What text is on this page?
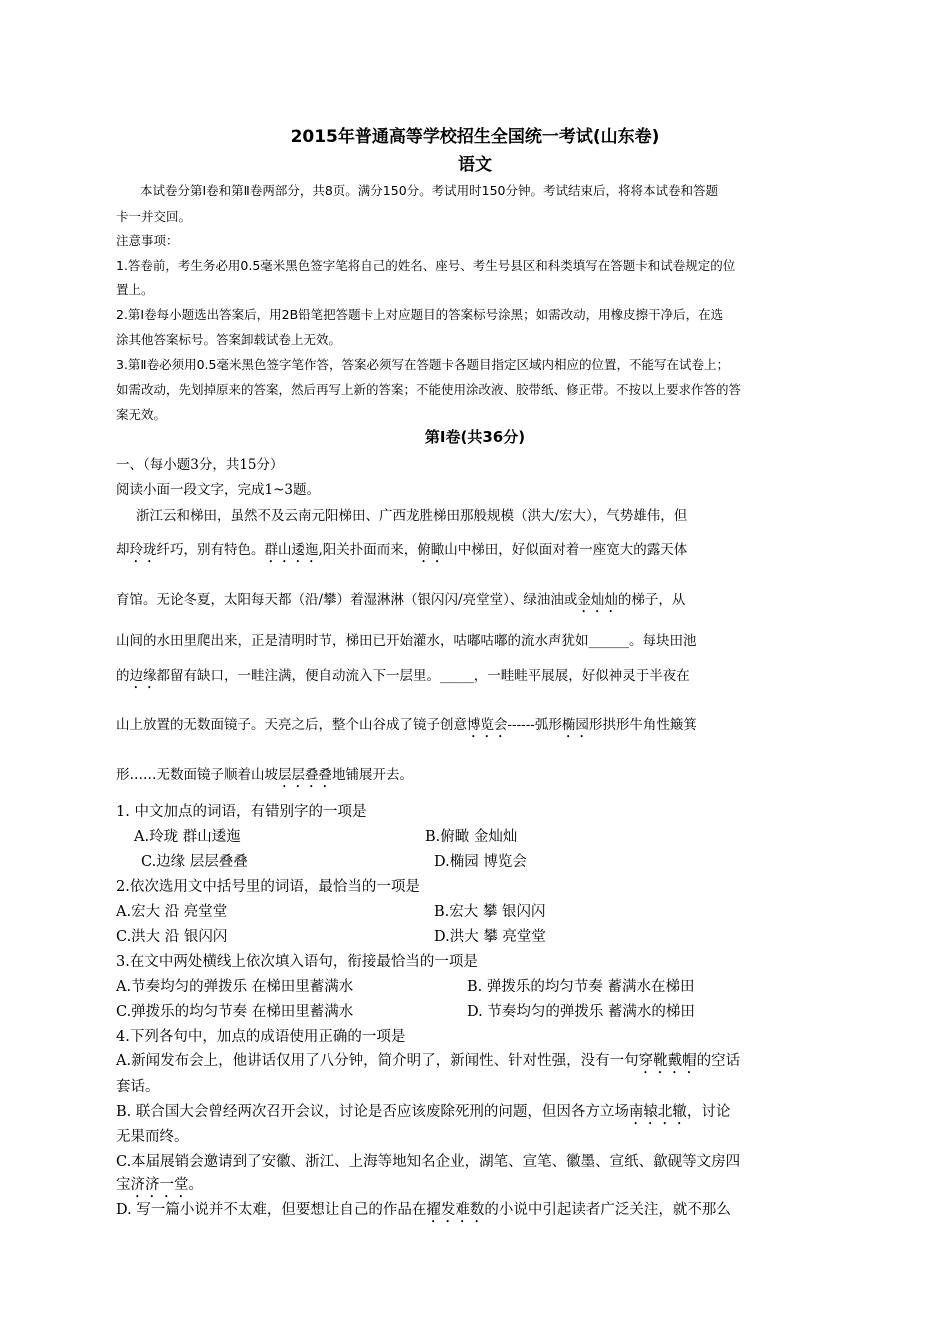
2015年普通高等学校招生全国统一考试(山东卷)
语文
本试卷分第Ⅰ卷和第Ⅱ卷两部分，共8页。满分150分。考试用时150分钟。考试结束后，将将本试卷和答题
卡一并交回。
注意事项：
1.答卷前，考生务必用0.5毫米黑色签字笔将自己的姓名、座号、考生号县区和科类填写在答题卡和试卷规定的位
置上。
2.第Ⅰ卷每小题选出答案后，用2B铅笔把答题卡上对应题目的答案标号涂黑；如需改动，用橡皮擦干净后，在选
涂其他答案标号。答案卸载试卷上无效。
3.第Ⅱ卷必须用0.5毫米黑色签字笔作答，答案必须写在答题卡各题目指定区域内相应的位置，不能写在试卷上；
如需改动，先划掉原来的答案，然后再写上新的答案；不能使用涂改液、胶带纸、修正带。不按以上要求作答的答
案无效。
第Ⅰ卷(共36分)
一、（每小题3分，共15分）
阅读小面一段文字，完成1~3题。
浙江云和梯田，虽然不及云南元阳梯田、广西龙胜梯田那般规模（洪大/宏大），气势雄伟，但
却玲珑纤巧，别有特色。群山逶迤,阳关扑面而来，俯瞰山中梯田，好似面对着一座宽大的露天体
育馆。无论冬夏，太阳每天都（沿/攀）着湿淋淋（银闪闪/亮堂堂）、绿油油或金灿灿的梯子，从
山间的水田里爬出来，正是清明时节，梯田已开始灌水，咕嘟咕嘟的流水声犹如______。每块田池
的边缘都留有缺口，一畦注满，便自动流入下一层里。_____，一畦畦平展展，好似神灵于半夜在
山上放置的无数面镜子。天亮之后，整个山谷成了镜子创意博览会------弧形椭园形拱形牛角性簸箕
形……无数面镜子顺着山坡层层叠叠地铺展开去。
1. 中文加点的词语，有错别字的一项是
A.玲珑 群山逶迤	B.俯瞰 金灿灿
C.边缘 层层叠叠	D.椭园 博览会
2.依次选用文中括号里的词语，最恰当的一项是
A.宏大 沿 亮堂堂	B.宏大 攀 银闪闪
C.洪大 沿 银闪闪	D.洪大 攀 亮堂堂
3.在文中两处横线上依次填入语句，衔接最恰当的一项是
A.节奏均匀的弹拨乐 在梯田里蓄满水	B. 弹拨乐的均匀节奏 蓄满水在梯田
C.弹拨乐的均匀节奏 在梯田里蓄满水	D. 节奏均匀的弹拨乐 蓄满水的梯田
4.下列各句中，加点的成语使用正确的一项是
A.新闻发布会上，他讲话仅用了八分钟，简介明了，新闻性、针对性强，没有一句穿靴戴帽的空话
套话。
B. 联合国大会曾经两次召开会议，讨论是否应该废除死刑的问题，但因各方立场南辕北辙，讨论
无果而终。
C.本届展销会邀请到了安徽、浙江、上海等地知名企业，湖笔、宣笔、徽墨、宣纸、歙砚等文房四
宝济济一堂。
D. 写一篇小说并不太难，但要想让自己的作品在擢发难数的小说中引起读者广泛关注，就不那么
